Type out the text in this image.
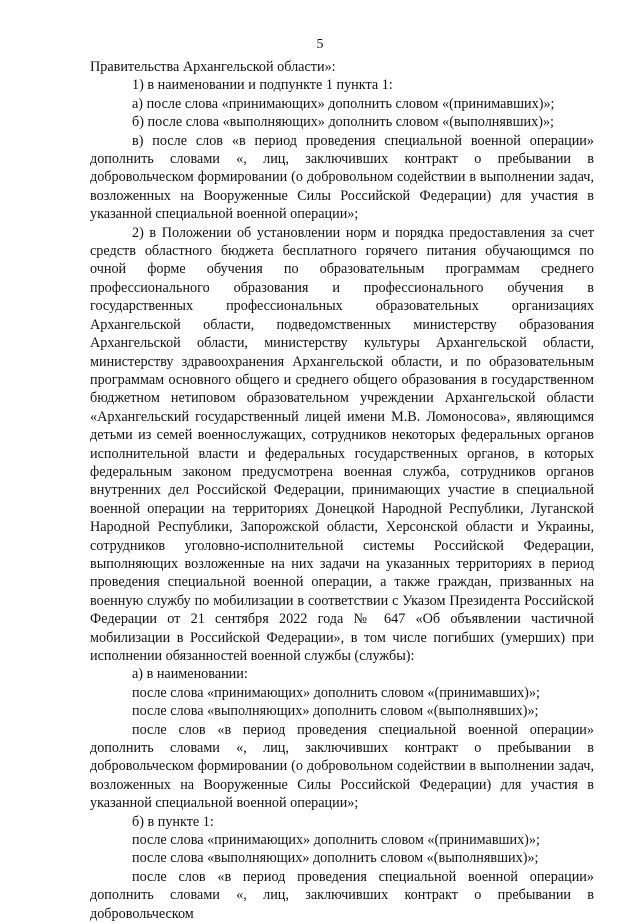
5

Правительства Архангельской области»:

1) в наименовании и подпункте 1 пункта 1:

а) после слова «принимающих» дополнить словом «(принимавших)»;

б) после слова «выполняющих» дополнить словом «(выполнявших)»;

в) после слов «в период проведения специальной военной операции» дополнить словами «, лиц, заключивших контракт о пребывании в добровольческом формировании (о добровольном содействии в выполнении задач, возложенных на Вооруженные Силы Российской Федерации) для участия в указанной специальной военной операции»;

2) в Положении об установлении норм и порядка предоставления за счет средств областного бюджета бесплатного горячего питания обучающимся по очной форме обучения по образовательным программам среднего профессионального образования и профессионального обучения в государственных профессиональных образовательных организациях Архангельской области, подведомственных министерству образования Архангельской области, министерству культуры Архангельской области, министерству здравоохранения Архангельской области, и по образовательным программам основного общего и среднего общего образования в государственном бюджетном нетиповом образовательном учреждении Архангельской области «Архангельский государственный лицей имени М.В. Ломоносова», являющимся детьми из семей военнослужащих, сотрудников некоторых федеральных органов исполнительной власти и федеральных государственных органов, в которых федеральным законом предусмотрена военная служба, сотрудников органов внутренних дел Российской Федерации, принимающих участие в специальной военной операции на территориях Донецкой Народной Республики, Луганской Народной Республики, Запорожской области, Херсонской области и Украины, сотрудников уголовно-исполнительной системы Российской Федерации, выполняющих возложенные на них задачи на указанных территориях в период проведения специальной военной операции, а также граждан, призванных на военную службу по мобилизации в соответствии с Указом Президента Российской Федерации от 21 сентября 2022 года № 647 «Об объявлении частичной мобилизации в Российской Федерации», в том числе погибших (умерших) при исполнении обязанностей военной службы (службы):

а) в наименовании:

после слова «принимающих» дополнить словом «(принимавших)»;

после слова «выполняющих» дополнить словом «(выполнявших)»;

после слов «в период проведения специальной военной операции» дополнить словами «, лиц, заключивших контракт о пребывании в добровольческом формировании (о добровольном содействии в выполнении задач, возложенных на Вооруженные Силы Российской Федерации) для участия в указанной специальной военной операции»;

б) в пункте 1:

после слова «принимающих» дополнить словом «(принимавших)»;

после слова «выполняющих» дополнить словом «(выполнявших)»;

после слов «в период проведения специальной военной операции» дополнить словами «, лиц, заключивших контракт о пребывании в добровольческом
